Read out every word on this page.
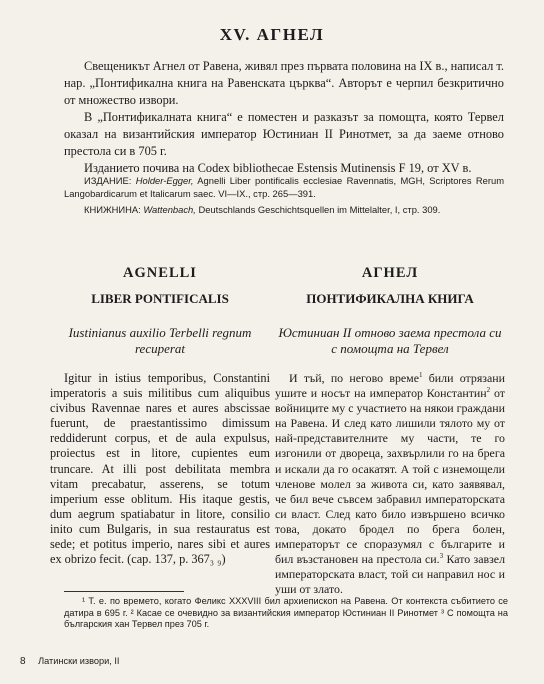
XV. АГНЕЛ

Свещеникът Агнел от Равена, живял през първата половина на IX в., написал т. нар. „Понтификална книга на Равенската църква“. Авторът е черпил безкритично от множество извори.

В „Понтификалната книга“ е поместен и разказът за помощта, която Тервел оказал на византийския император Юстиниан II Ринотмет, за да заеме отново престола си в 705 г.

Изданието почива на Codex bibliothecae Estensis Mutinensis F 19, от XV в.

ИЗДАНИЕ: Holder-Egger, Agnelli Liber pontificalis ecclesiae Ravennatis, MGH, Scriptores Rerum Langobardicarum et Italicarum saec. VI—IX., стр. 265—391.

КНИЖНИНА: Wattenbach, Deutschlands Geschichtsquellen im Mittelalter, I, стр. 309.

AGNELLI
LIBER PONTIFICALIS

Iustinianus auxilio Terbelli regnum recuperat

Igitur in istius temporibus, Constantini imperatoris a suis militibus cum aliquibus civibus Ravennae nares et aures abscissae fuerunt, de praestantissimo dimissum reddiderunt corpus, et de aula expulsus, proiectus est in litore, cupientes eum truncare. At illi post debilitata membra vitam precabatur, asserens, se totum imperium esse oblitum. His itaque gestis, dum aegrum spatiabatur in litore, consilio inito cum Bulgaris, in sua restauratus est sede; et potitus imperio, nares sibi et aures ex obrizo fecit. (cap. 137, p. 367₃ ₉)

АГНЕЛ
ПОНТИФИКАЛНА КНИГА

Юстиниан II отново заема престола си с помощта на Тервел

И тъй, по негово време$^1$ били отрязани ушите и носът на император Константин$^2$ от войниците му с участието на някои граждани на Равена. И след като лишили тялото му от най-представителните му части, те го изгонили от двореца, захвърлили го на брега и искали да го осакатят. А той с изнемощели членове молел за живота си, като заявявал, че бил вече съвсем забравил императорската си власт. След като било извършено всичко това, докато бродел по брега болен, императорът се споразумял с българите и бил възстановен на престола си.$^3$ Като завзел императорската власт, той си направил нос и уши от злато.

¹ Т. е. по времето, когато Феликс XXXVIII бил архиепископ на Равена. От контекста събитието се датира в 695 г. ² Касае се очевидно за византийския император Юстиниан II Ринотмет ³ С помощта на българския хан Тервел през 705 г.

8 Латински извори, II
